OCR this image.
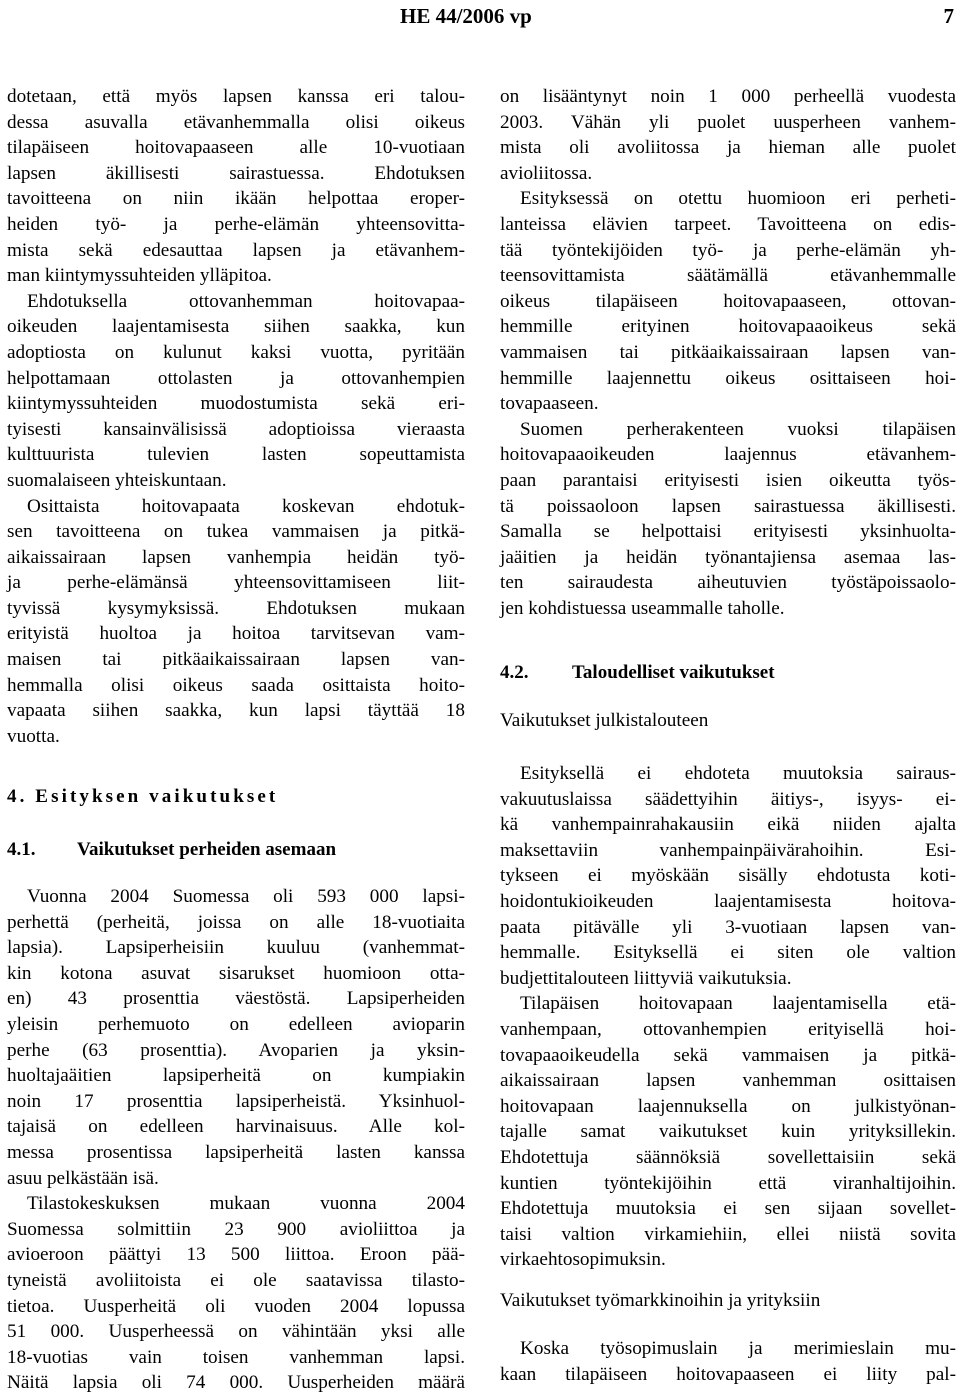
HE 44/2006 vp	7
dotetaan, että myös lapsen kanssa eri talou-
dessa asuvalla etävanhemmalla olisi oikeus
tilapäiseen hoitovapaaseen alle 10-vuotiaan
lapsen äkillisesti sairastuessa. Ehdotuksen
tavoitteena on niin ikään helpottaa eroper-
heiden työ- ja perhe-elämän yhteensovitta-
mista sekä edesauttaa lapsen ja etävanhem-
man kiintymyssuhteiden ylläpitoa.
Ehdotuksella ottovanhemman hoitovapaa-
oikeuden laajentamisesta siihen saakka, kun
adoptiosta on kulunut kaksi vuotta, pyritään
helpottamaan ottolasten ja ottovanhempien
kiintymyssuhteiden muodostumista sekä eri-
tyisesti kansainvälisissä adoptioissa vieraasta
kulttuurista tulevien lasten sopeuttamista
suomalaiseen yhteiskuntaan.
Osittaista hoitovapaata koskevan ehdotuk-
sen tavoitteena on tukea vammaisen ja pitkä-
aikaissairaan lapsen vanhempia heidän työ-
ja perhe-elämänsä yhteensovittamiseen liit-
tyvissä kysymyksissä. Ehdotuksen mukaan
erityistä huoltoa ja hoitoa tarvitsevan vam-
maisen tai pitkäaikaissairaan lapsen van-
hemmalla olisi oikeus saada osittaista hoito-
vapaata siihen saakka, kun lapsi täyttää 18
vuotta.
4. Esityksen vaikutukset
4.1. Vaikutukset perheiden asemaan
Vuonna 2004 Suomessa oli 593 000 lapsi-
perhettä (perheitä, joissa on alle 18-vuotiaita
lapsia). Lapsiperheisiin kuuluu (vanhemmat-
kin kotona asuvat sisarukset huomioon otta-
en) 43 prosenttia väestöstä. Lapsiperheiden
yleisin perhemuoto on edelleen avioparin
perhe (63 prosenttia). Avoparien ja yksin-
huoltajaäitien lapsiperheitä on kumpiakin
noin 17 prosenttia lapsiperheistä. Yksinhuol-
tajaisä on edelleen harvinaisuus. Alle kol-
messa prosentissa lapsiperheitä lasten kanssa
asuu pelkästään isä.
Tilastokeskuksen mukaan vuonna 2004
Suomessa solmittiin 23 900 avioliittoa ja
avioeroon päättyi 13 500 liittoa. Eroon pää-
tyneistä avoliitoista ei ole saatavissa tilasto-
tietoa. Uusperheitä oli vuoden 2004 lopussa
51 000. Uusperheessä on vähintään yksi alle
18-vuotias vain toisen vanhemman lapsi.
Näitä lapsia oli 74 000. Uusperheiden määrä
on lisääntynyt noin 1 000 perheellä vuodesta
2003. Vähän yli puolet uusperheen vanhem-
mista oli avoliitossa ja hieman alle puolet
avioliitossa.
Esityksessä on otettu huomioon eri perheti-
lanteissa elävien tarpeet. Tavoitteena on edis-
tää työntekijöiden työ- ja perhe-elämän yh-
teensovittamista säätämällä etävanhemmalle
oikeus tilapäiseen hoitovapaaseen, ottovan-
hemmille erityinen hoitovapaaoikeus sekä
vammaisen tai pitkäaikaissairaan lapsen van-
hemmille laajennettu oikeus osittaiseen hoi-
tovapaaseen.
Suomen perherakenteen vuoksi tilapäisen
hoitovapaaoikeuden laajennus etävanhem-
paan parantaisi erityisesti isien oikeutta työs-
tä poissaoloon lapsen sairastuessa äkillisesti.
Samalla se helpottaisi erityisesti yksinhuolta-
jaäitien ja heidän työnantajiensa asemaa las-
ten sairaudesta aiheutuvien työstäpoissaolo-
jen kohdistuessa useammalle taholle.
4.2. Taloudelliset vaikutukset
Vaikutukset julkistalouteen
Esityksellä ei ehdoteta muutoksia sairaus-
vakuutuslaissa säädettyihin äitiys-, isyys- ei-
kä vanhempainrahakausiin eikä niiden ajalta
maksettaviin vanhempainpäivärahoihin. Esi-
tykseen ei myöskään sisälly ehdotusta koti-
hoidontukioikeuden laajentamisesta hoitova-
paata pitävälle yli 3-vuotiaan lapsen van-
hemmalle. Esityksellä ei siten ole valtion
budjettitalouteen liittyviä vaikutuksia.
Tilapäisen hoitovapaan laajentamisella etä-
vanhempaan, ottovanhempien erityisellä hoi-
tovapaaoikeudella sekä vammaisen ja pitkä-
aikaissairaan lapsen vanhemman osittaisen
hoitovapaan laajennuksella on julkistyönan-
tajalle samat vaikutukset kuin yrityksillekin.
Ehdotettuja säännöksiä sovellettaisiin sekä
kuntien työntekijöihin että viranhaltijoihin.
Ehdotettuja muutoksia ei sen sijaan sovellet-
taisi valtion virkamiehiin, ellei niistä sovita
virkaehtosopimuksin.
Vaikutukset työmarkkinoihin ja yrityksiin
Koska työsopimuslain ja merimieslain mu-
kaan tilapäiseen hoitovapaaseen ei liity pal-
